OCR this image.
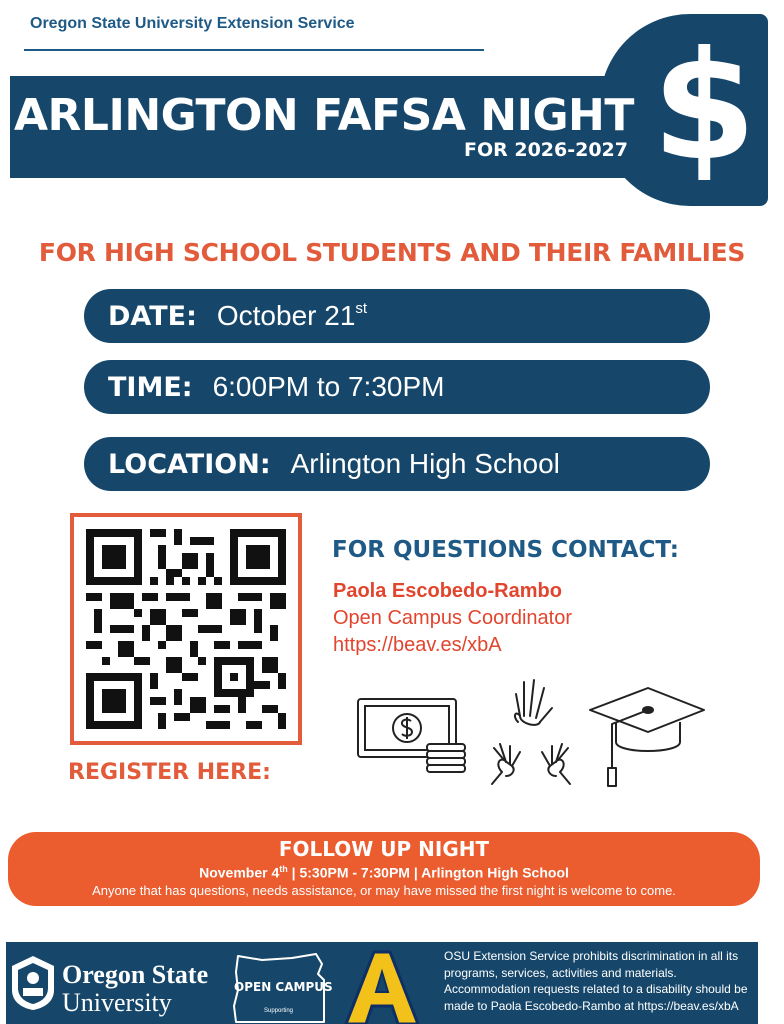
Oregon State University Extension Service $
ARLINGTON FAFSA NIGHT
FOR 2026-2027
FOR HIGH SCHOOL STUDENTS AND THEIR FAMILIES
DATE: October 21st
TIME: 6:00PM to 7:30PM
LOCATION: Arlington High School
REGISTER HERE:
FOR QUESTIONS CONTACT:
Paola Escobedo-Rambo
Open Campus Coordinator
https://beav.es/xbA
FOLLOW UP NIGHT
November 4th | 5:30PM - 7:30PM | Arlington High School
Anyone that has questions, needs assistance, or may have missed the first night is welcome to come.
Oregon State
University
OPEN CAMPUS
Supporting
OSU Extension Service prohibits discrimination in all its programs, services, activities and materials. Accommodation requests related to a disability should be made to Paola Escobedo-Rambo at https://beav.es/xbA
